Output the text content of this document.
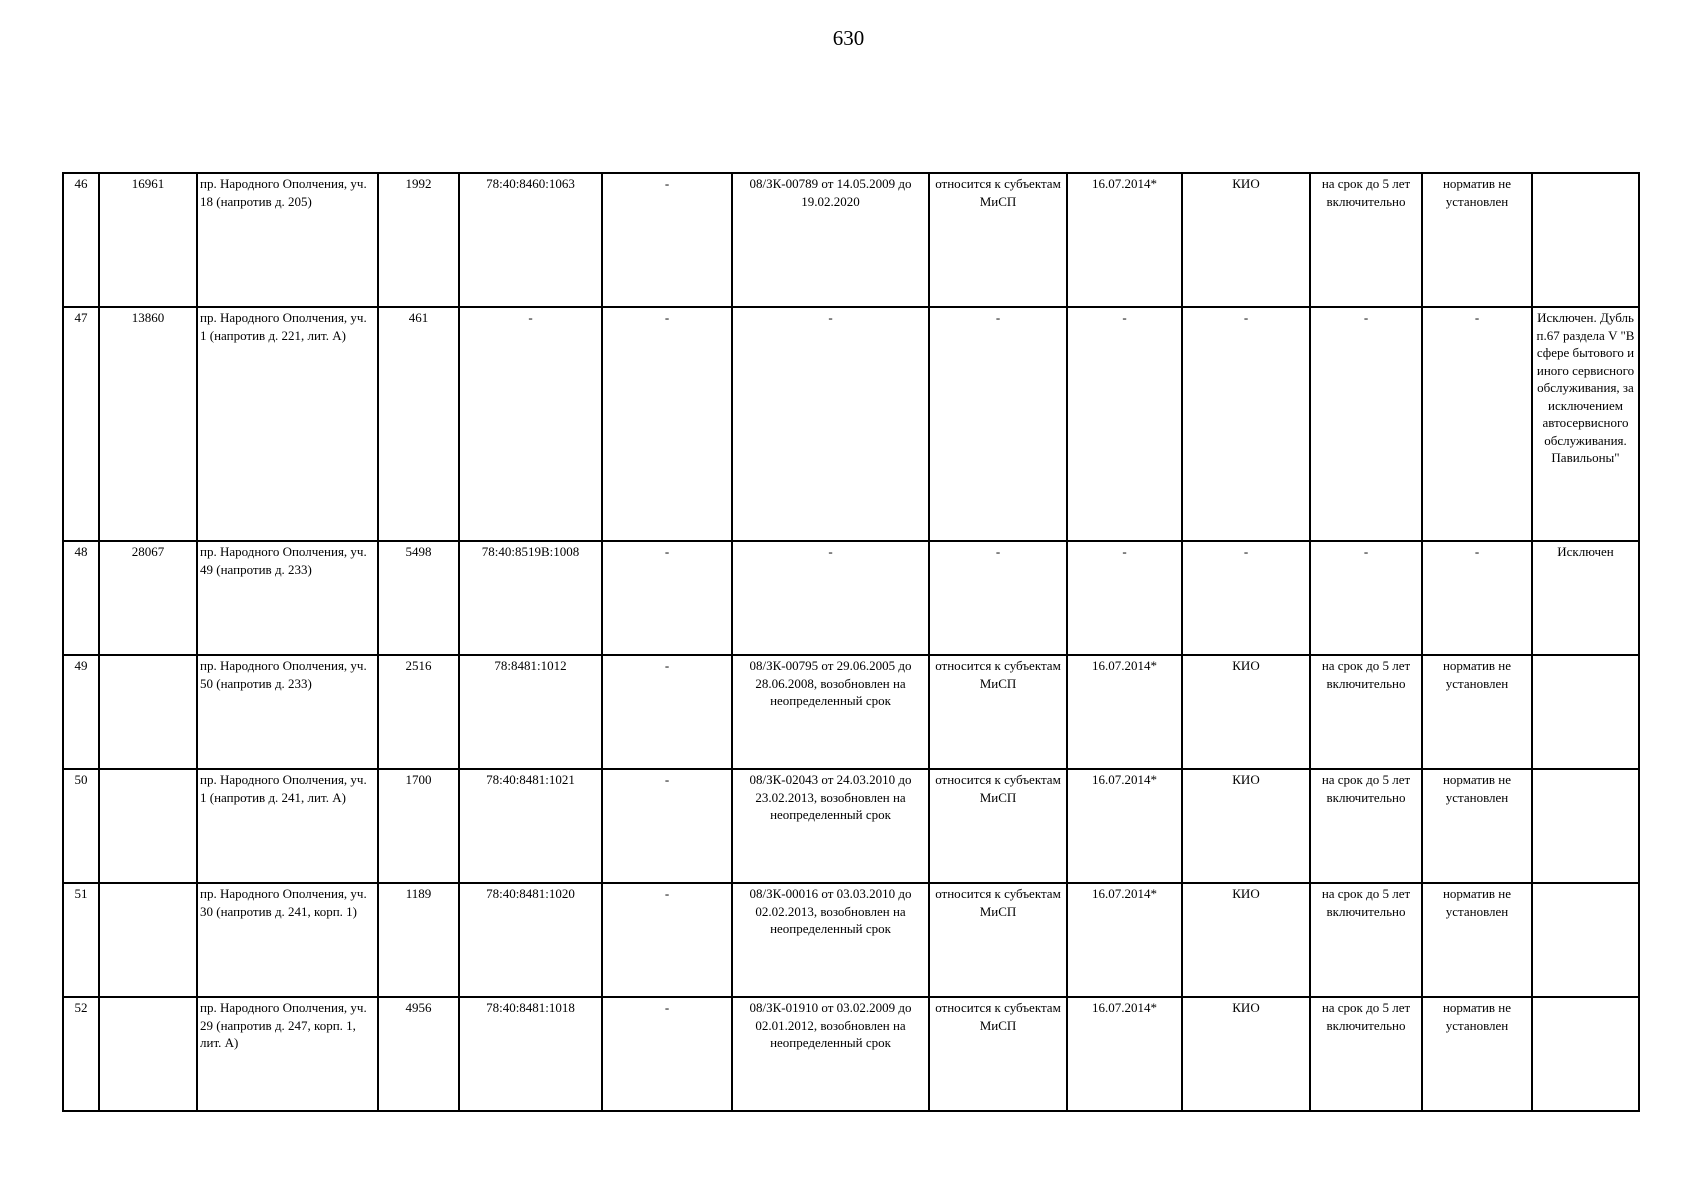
630
46	16961	пр. Народного Ополчения, уч. 18 (напротив д. 205)	1992	78:40:8460:1063	-	08/ЗК-00789 от 14.05.2009 до 19.02.2020	относится к субъектам МиСП	16.07.2014*	КИО	на срок до 5 лет включительно	норматив не установлен	
47	13860	пр. Народного Ополчения, уч. 1 (напротив д. 221, лит. А)	461	-	-	-	-	-	-	-	-	Исключен. Дубль п.67 раздела V "В сфере бытового и иного сервисного обслуживания, за исключением автосервисного обслуживания. Павильоны"
48	28067	пр. Народного Ополчения, уч. 49 (напротив д. 233)	5498	78:40:8519В:1008	-	-	-	-	-	-	-	Исключен
49		пр. Народного Ополчения, уч. 50 (напротив д. 233)	2516	78:8481:1012	-	08/ЗК-00795 от 29.06.2005 до 28.06.2008, возобновлен на неопределенный срок	относится к субъектам МиСП	16.07.2014*	КИО	на срок до 5 лет включительно	норматив не установлен	
50		пр. Народного Ополчения, уч. 1 (напротив д. 241, лит. А)	1700	78:40:8481:1021	-	08/ЗК-02043 от 24.03.2010 до 23.02.2013, возобновлен на неопределенный срок	относится к субъектам МиСП	16.07.2014*	КИО	на срок до 5 лет включительно	норматив не установлен	
51		пр. Народного Ополчения, уч. 30 (напротив д. 241, корп. 1)	1189	78:40:8481:1020	-	08/ЗК-00016 от 03.03.2010 до 02.02.2013, возобновлен на неопределенный срок	относится к субъектам МиСП	16.07.2014*	КИО	на срок до 5 лет включительно	норматив не установлен	
52		пр. Народного Ополчения, уч. 29 (напротив д. 247, корп. 1, лит. А)	4956	78:40:8481:1018	-	08/ЗК-01910 от 03.02.2009 до 02.01.2012, возобновлен на неопределенный срок	относится к субъектам МиСП	16.07.2014*	КИО	на срок до 5 лет включительно	норматив не установлен	
